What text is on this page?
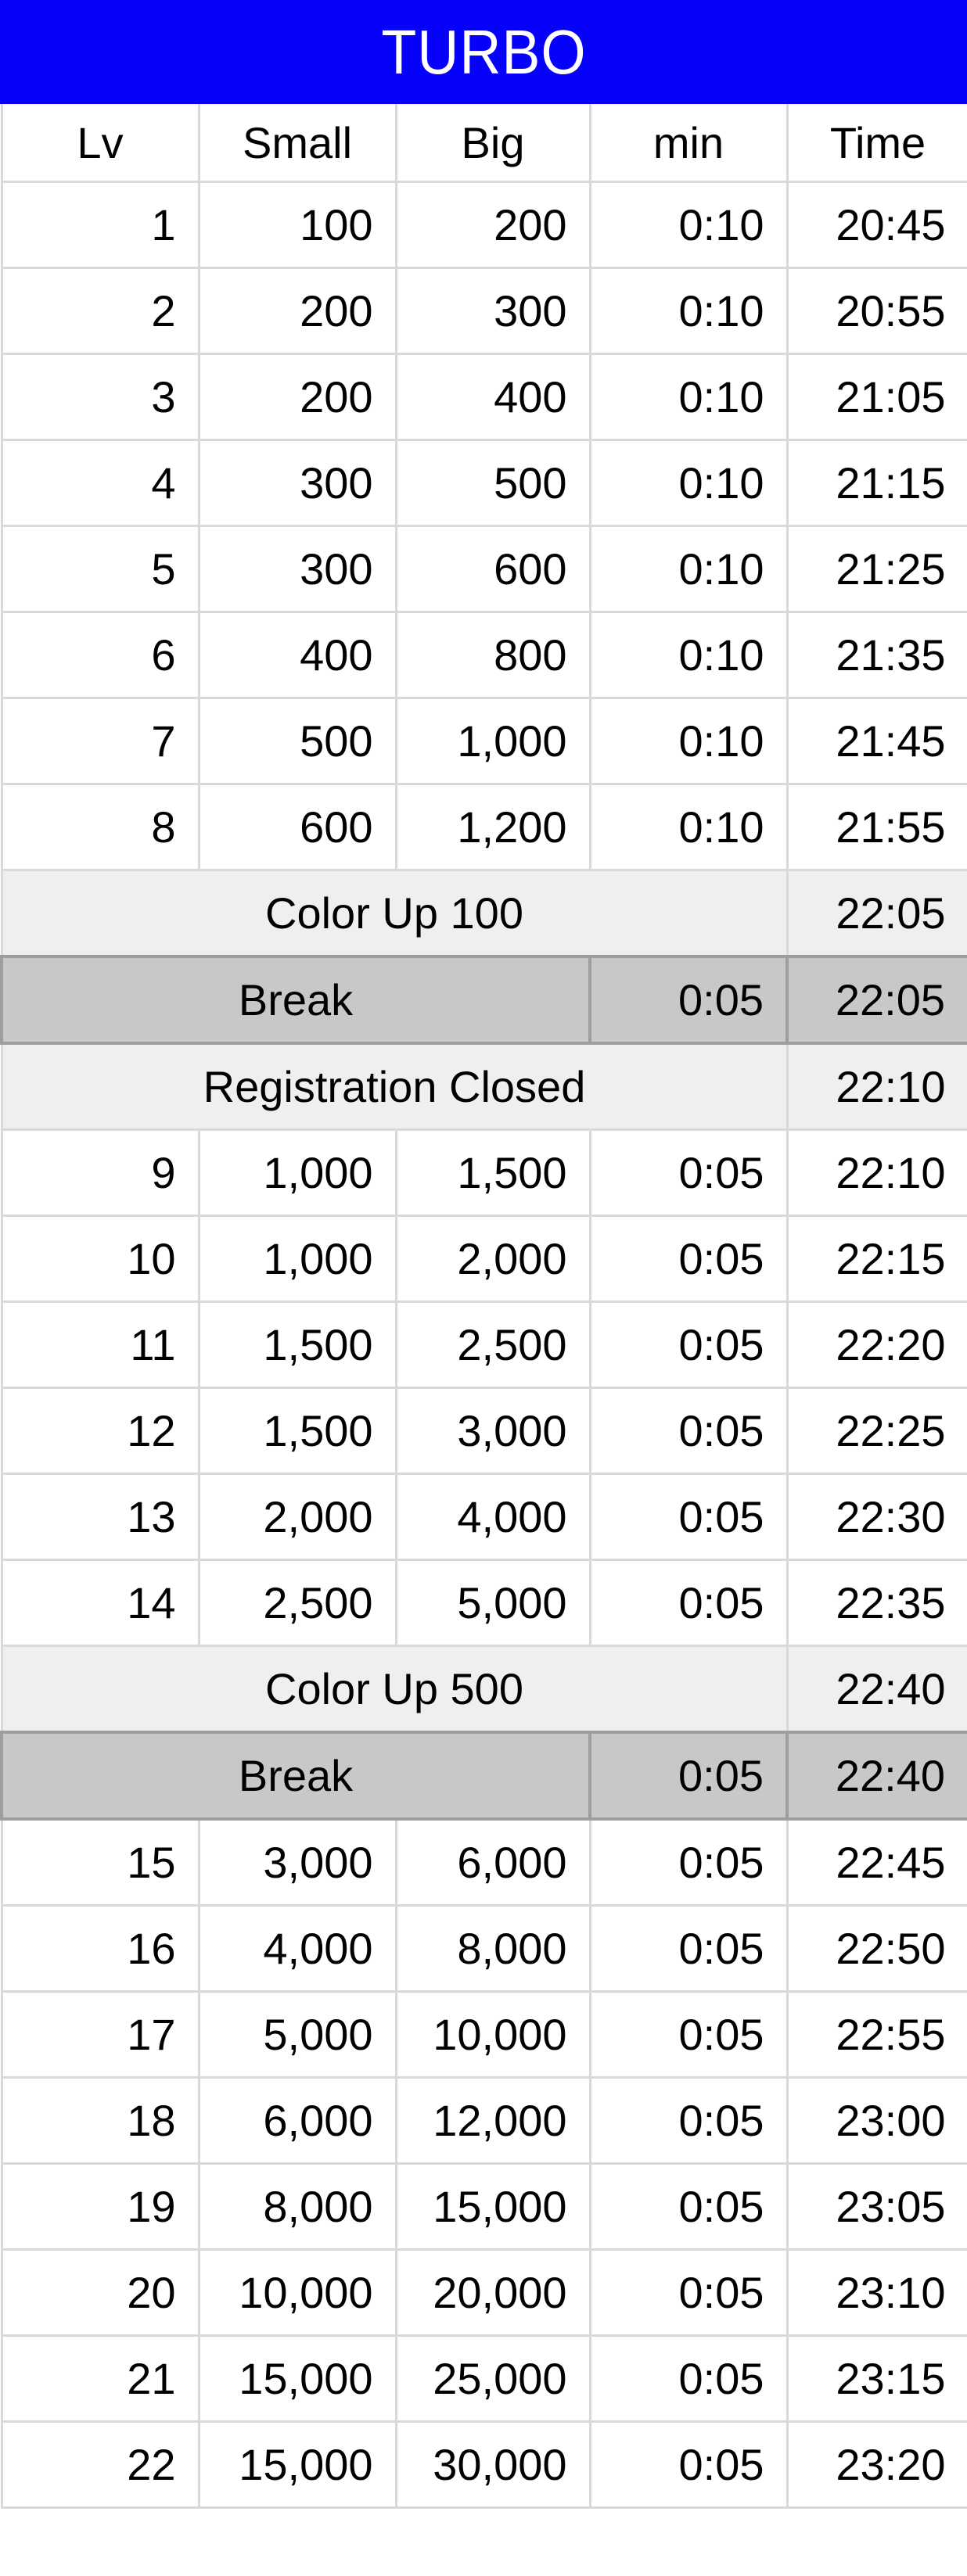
TURBO
Lv	Small	Big	min	Time
1	100	200	0:10	20:45
2	200	300	0:10	20:55
3	200	400	0:10	21:05
4	300	500	0:10	21:15
5	300	600	0:10	21:25
6	400	800	0:10	21:35
7	500	1,000	0:10	21:45
8	600	1,200	0:10	21:55
Color Up 100				22:05
Break			0:05	22:05
Registration Closed				22:10
9	1,000	1,500	0:05	22:10
10	1,000	2,000	0:05	22:15
11	1,500	2,500	0:05	22:20
12	1,500	3,000	0:05	22:25
13	2,000	4,000	0:05	22:30
14	2,500	5,000	0:05	22:35
Color Up 500				22:40
Break			0:05	22:40
15	3,000	6,000	0:05	22:45
16	4,000	8,000	0:05	22:50
17	5,000	10,000	0:05	22:55
18	6,000	12,000	0:05	23:00
19	8,000	15,000	0:05	23:05
20	10,000	20,000	0:05	23:10
21	15,000	25,000	0:05	23:15
22	15,000	30,000	0:05	23:20
